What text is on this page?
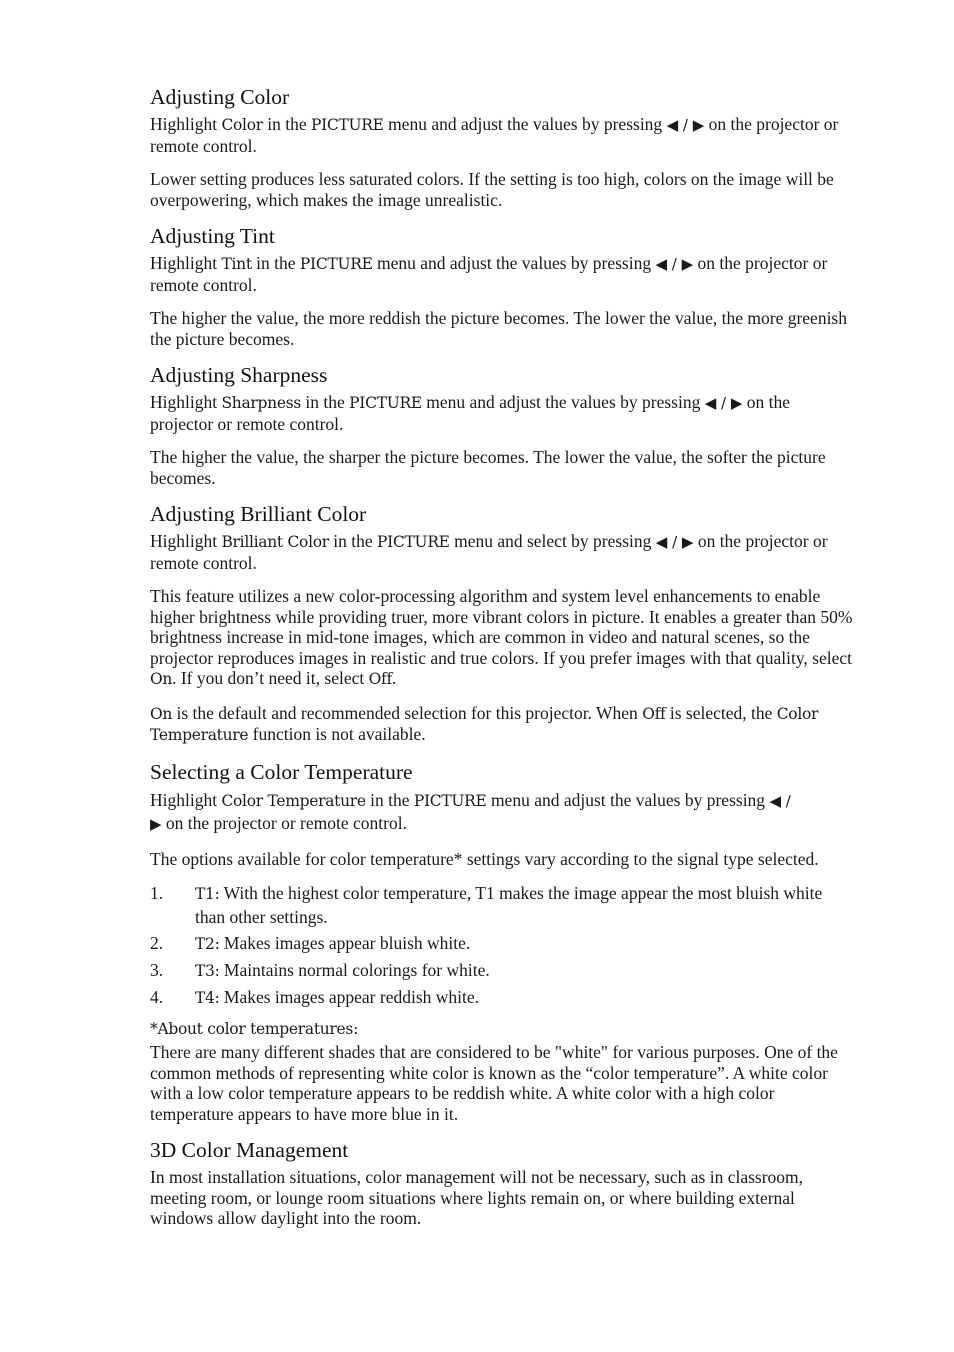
Adjusting Color

Highlight Color in the PICTURE menu and adjust the values by pressing ◀ / ▶ on the projector or remote control.

Lower setting produces less saturated colors. If the setting is too high, colors on the image will be overpowering, which makes the image unrealistic.

Adjusting Tint

Highlight Tint in the PICTURE menu and adjust the values by pressing ◀ / ▶ on the projector or remote control.

The higher the value, the more reddish the picture becomes. The lower the value, the more greenish the picture becomes.

Adjusting Sharpness

Highlight Sharpness in the PICTURE menu and adjust the values by pressing ◀ / ▶ on the projector or remote control.

The higher the value, the sharper the picture becomes. The lower the value, the softer the picture becomes.

Adjusting Brilliant Color

Highlight Brilliant Color in the PICTURE menu and select by pressing ◀ / ▶ on the projector or remote control.

This feature utilizes a new color-processing algorithm and system level enhancements to enable higher brightness while providing truer, more vibrant colors in picture. It enables a greater than 50% brightness increase in mid-tone images, which are common in video and natural scenes, so the projector reproduces images in realistic and true colors. If you prefer images with that quality, select On. If you don’t need it, select Off.

On is the default and recommended selection for this projector. When Off is selected, the Color Temperature function is not available.

Selecting a Color Temperature

Highlight Color Temperature in the PICTURE menu and adjust the values by pressing ◀ /
▶ on the projector or remote control.

The options available for color temperature* settings vary according to the signal type selected.

1. T1: With the highest color temperature, T1 makes the image appear the most bluish white than other settings.
2. T2: Makes images appear bluish white.
3. T3: Maintains normal colorings for white.
4. T4: Makes images appear reddish white.
*About color temperatures:

There are many different shades that are considered to be "white" for various purposes. One of the common methods of representing white color is known as the “color temperature”. A white color with a low color temperature appears to be reddish white. A white color with a high color temperature appears to have more blue in it.

3D Color Management

In most installation situations, color management will not be necessary, such as in classroom, meeting room, or lounge room situations where lights remain on, or where building external windows allow daylight into the room.
